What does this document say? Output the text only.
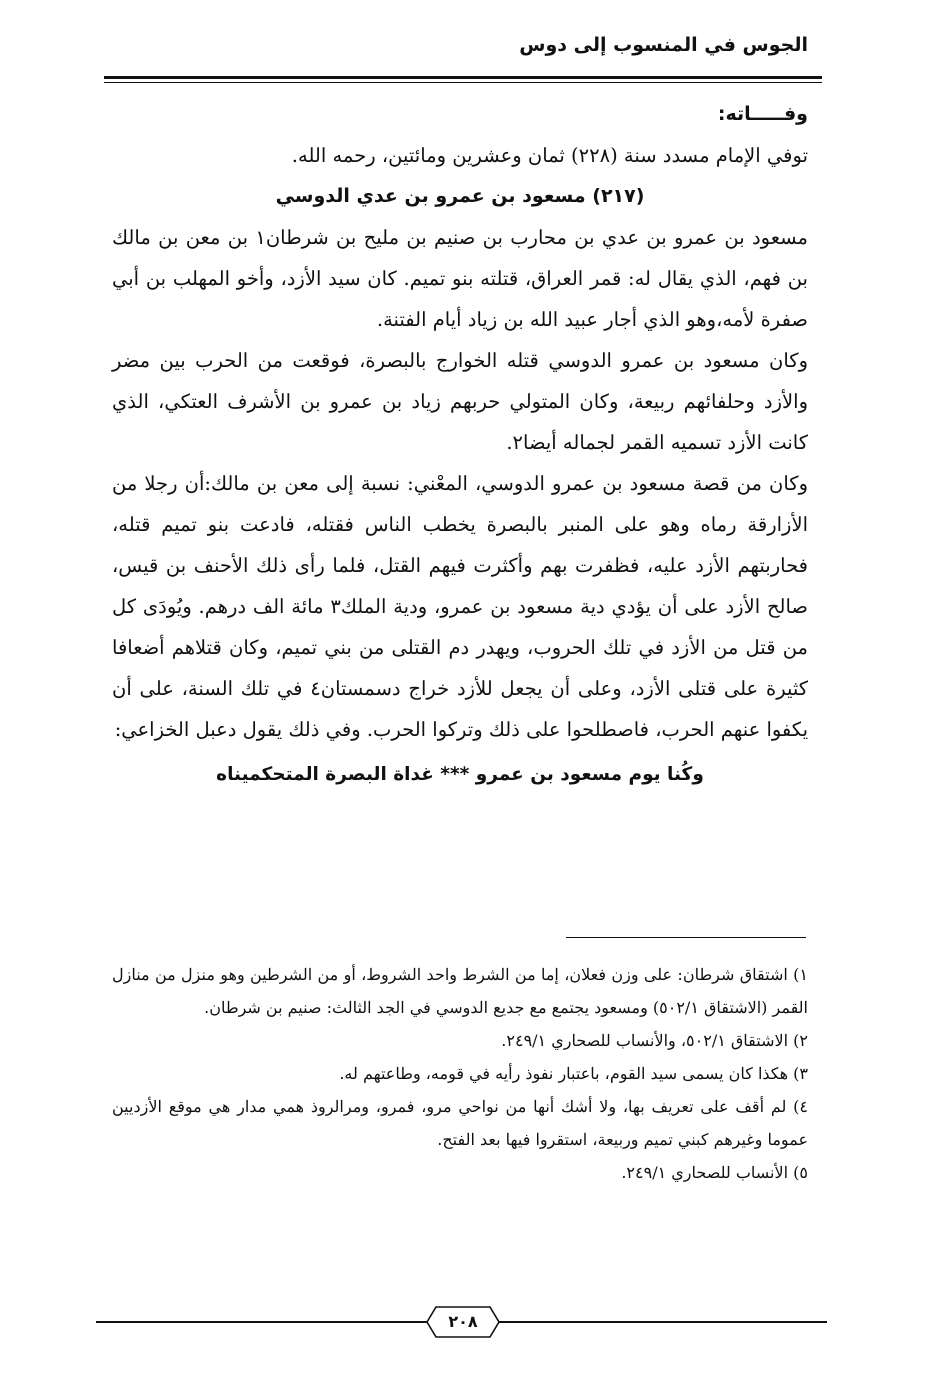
الجوس في المنسوب إلى دوس

وفـــــاته:

توفي الإمام مسدد سنة (٢٢٨) ثمان وعشرين ومائتين، رحمه الله.

(٢١٧) مسعود بن عمرو بن عدي الدوسي

مسعود بن عمرو بن عدي بن محارب بن صنيم بن مليح بن شرطان١ بن معن بن مالك بن فهم، الذي يقال له: قمر العراق، قتلته بنو تميم. كان سيد الأزد، وأخو المهلب بن أبي صفرة لأمه،وهو الذي أجار عبيد الله بن زياد أيام الفتنة.

وكان مسعود بن عمرو الدوسي قتله الخوارج بالبصرة، فوقعت من الحرب بين مضر والأزد وحلفائهم ربيعة، وكان المتولي حربهم زياد بن عمرو بن الأشرف العتكي، الذي كانت الأزد تسميه القمر لجماله أيضا٢.

وكان من قصة مسعود بن عمرو الدوسي، المعْني: نسبة إلى معن بن مالك:أن رجلا من الأزارقة رماه وهو على المنبر بالبصرة يخطب الناس فقتله، فادعت بنو تميم قتله، فحاربتهم الأزد عليه، فظفرت بهم وأكثرت فيهم القتل، فلما رأى ذلك الأحنف بن قيس، صالح الأزد على أن يؤدي دية مسعود بن عمرو، ودية الملك٣ مائة الف درهم. ويُودَى كل من قتل من الأزد في تلك الحروب، ويهدر دم القتلى من بني تميم، وكان قتلاهم أضعافا كثيرة على قتلى الأزد، وعلى أن يجعل للأزد خراج دسمستان٤ في تلك السنة، على أن يكفوا عنهم الحرب، فاصطلحوا على ذلك وتركوا الحرب. وفي ذلك يقول دعبل الخزاعي:

وكُنا يوم مسعود بن عمرو *** غداة البصرة المتحكميناه

١) اشتقاق شرطان: على وزن فعلان، إما من الشرط واحد الشروط، أو من الشرطين وهو منزل من منازل القمر (الاشتقاق ٥٠٢/١) ومسعود يجتمع مع جديع الدوسي في الجد الثالث: صنيم بن شرطان.

٢) الاشتقاق ٥٠٢/١، والأنساب للصحاري ٢٤٩/١.

٣) هكذا كان يسمى سيد القوم، باعتبار نفوذ رأيه في قومه، وطاعتهم له.

٤) لم أقف على تعريف بها، ولا أشك أنها من نواحي مرو، فمرو، ومرالروذ همي مدار هي موقع الأزديين عموما وغيرهم كبني تميم وربيعة، استقروا فيها بعد الفتح.

٥) الأنساب للصحاري ٢٤٩/١.

٢٠٨
